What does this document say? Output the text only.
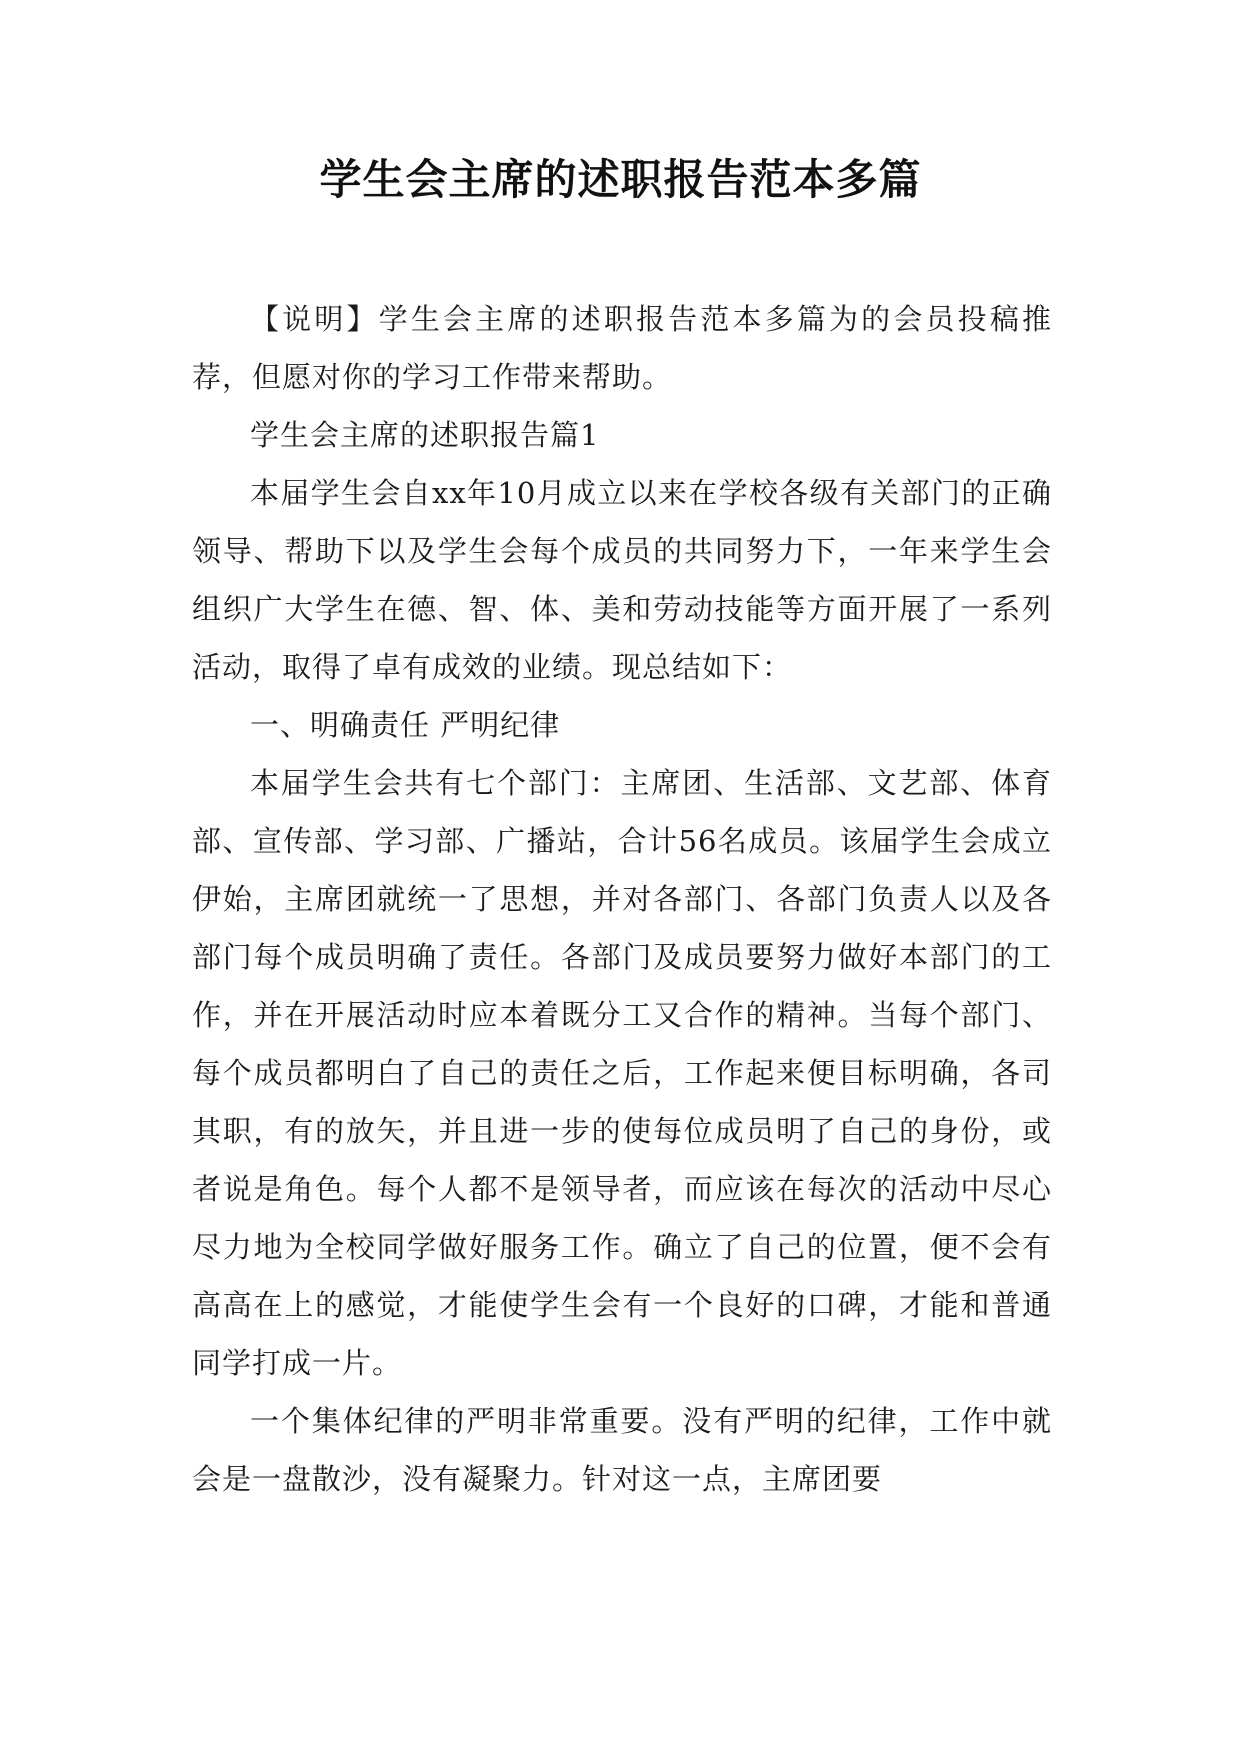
学生会主席的述职报告范本多篇

【说明】学生会主席的述职报告范本多篇为的会员投稿推荐，但愿对你的学习工作带来帮助。

学生会主席的述职报告篇1

本届学生会自xx年10月成立以来在学校各级有关部门的正确领导、帮助下以及学生会每个成员的共同努力下，一年来学生会组织广大学生在德、智、体、美和劳动技能等方面开展了一系列活动，取得了卓有成效的业绩。现总结如下：

一、明确责任 严明纪律

本届学生会共有七个部门：主席团、生活部、文艺部、体育部、宣传部、学习部、广播站，合计56名成员。该届学生会成立伊始，主席团就统一了思想，并对各部门、各部门负责人以及各部门每个成员明确了责任。各部门及成员要努力做好本部门的工作，并在开展活动时应本着既分工又合作的精神。当每个部门、每个成员都明白了自己的责任之后，工作起来便目标明确，各司其职，有的放矢，并且进一步的使每位成员明了自己的身份，或者说是角色。每个人都不是领导者，而应该在每次的活动中尽心尽力地为全校同学做好服务工作。确立了自己的位置，便不会有高高在上的感觉，才能使学生会有一个良好的口碑，才能和普通同学打成一片。

一个集体纪律的严明非常重要。没有严明的纪律，工作中就会是一盘散沙，没有凝聚力。针对这一点，主席团要
